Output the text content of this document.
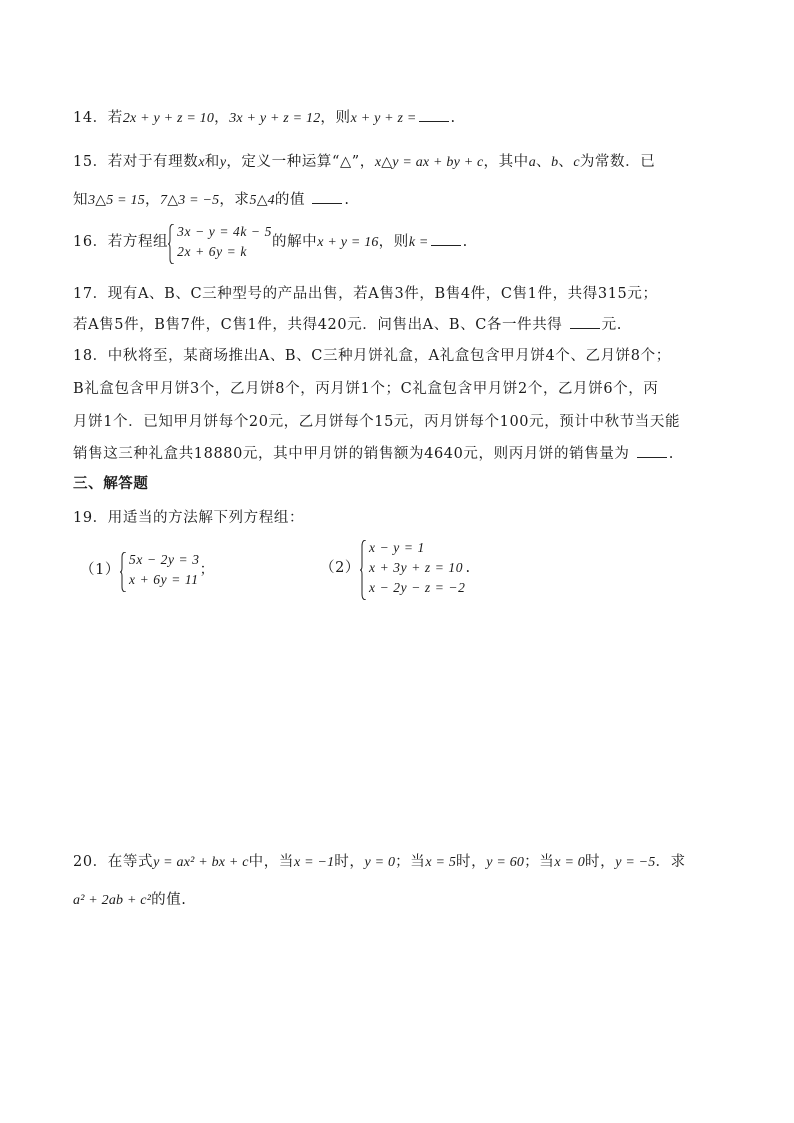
14．若2x + y + z = 10，3x + y + z = 12，则x + y + z = .
15．若对于有理数x和y，定义一种运算“△”，x△y = ax + by + c，其中a、b、c为常数．已
知3△5 = 15，7△3 = −5，求5△4的值	.
16．若方程组
3x − y = 4k − 5
2x + 6y = k
的解中x + y = 16，则k = .
17．现有A、B、C三种型号的产品出售，若A售3件，B售4件，C售1件，共得315元；
若A售5件，B售7件，C售1件，共得420元．问售出A、B、C各一件共得	元.
18．中秋将至，某商场推出A、B、C三种月饼礼盒，A礼盒包含甲月饼4个、乙月饼8个；
B礼盒包含甲月饼3个，乙月饼8个，丙月饼1个；C礼盒包含甲月饼2个，乙月饼6个，丙
月饼1个．已知甲月饼每个20元，乙月饼每个15元，丙月饼每个100元，预计中秋节当天能
销售这三种礼盒共18880元，其中甲月饼的销售额为4640元，则丙月饼的销售量为	.
三、解答题
19．用适当的方法解下列方程组：
（1）
5x − 2y = 3
x + 6y = 11
；	（2）
x − y = 1
x + 3y + z = 10
x − 2y − z = −2
.
20．在等式y = ax² + bx + c中，当x = −1时，y = 0；当x = 5时，y = 60；当x = 0时，y = −5．求
a² + 2ab + c²的值.
